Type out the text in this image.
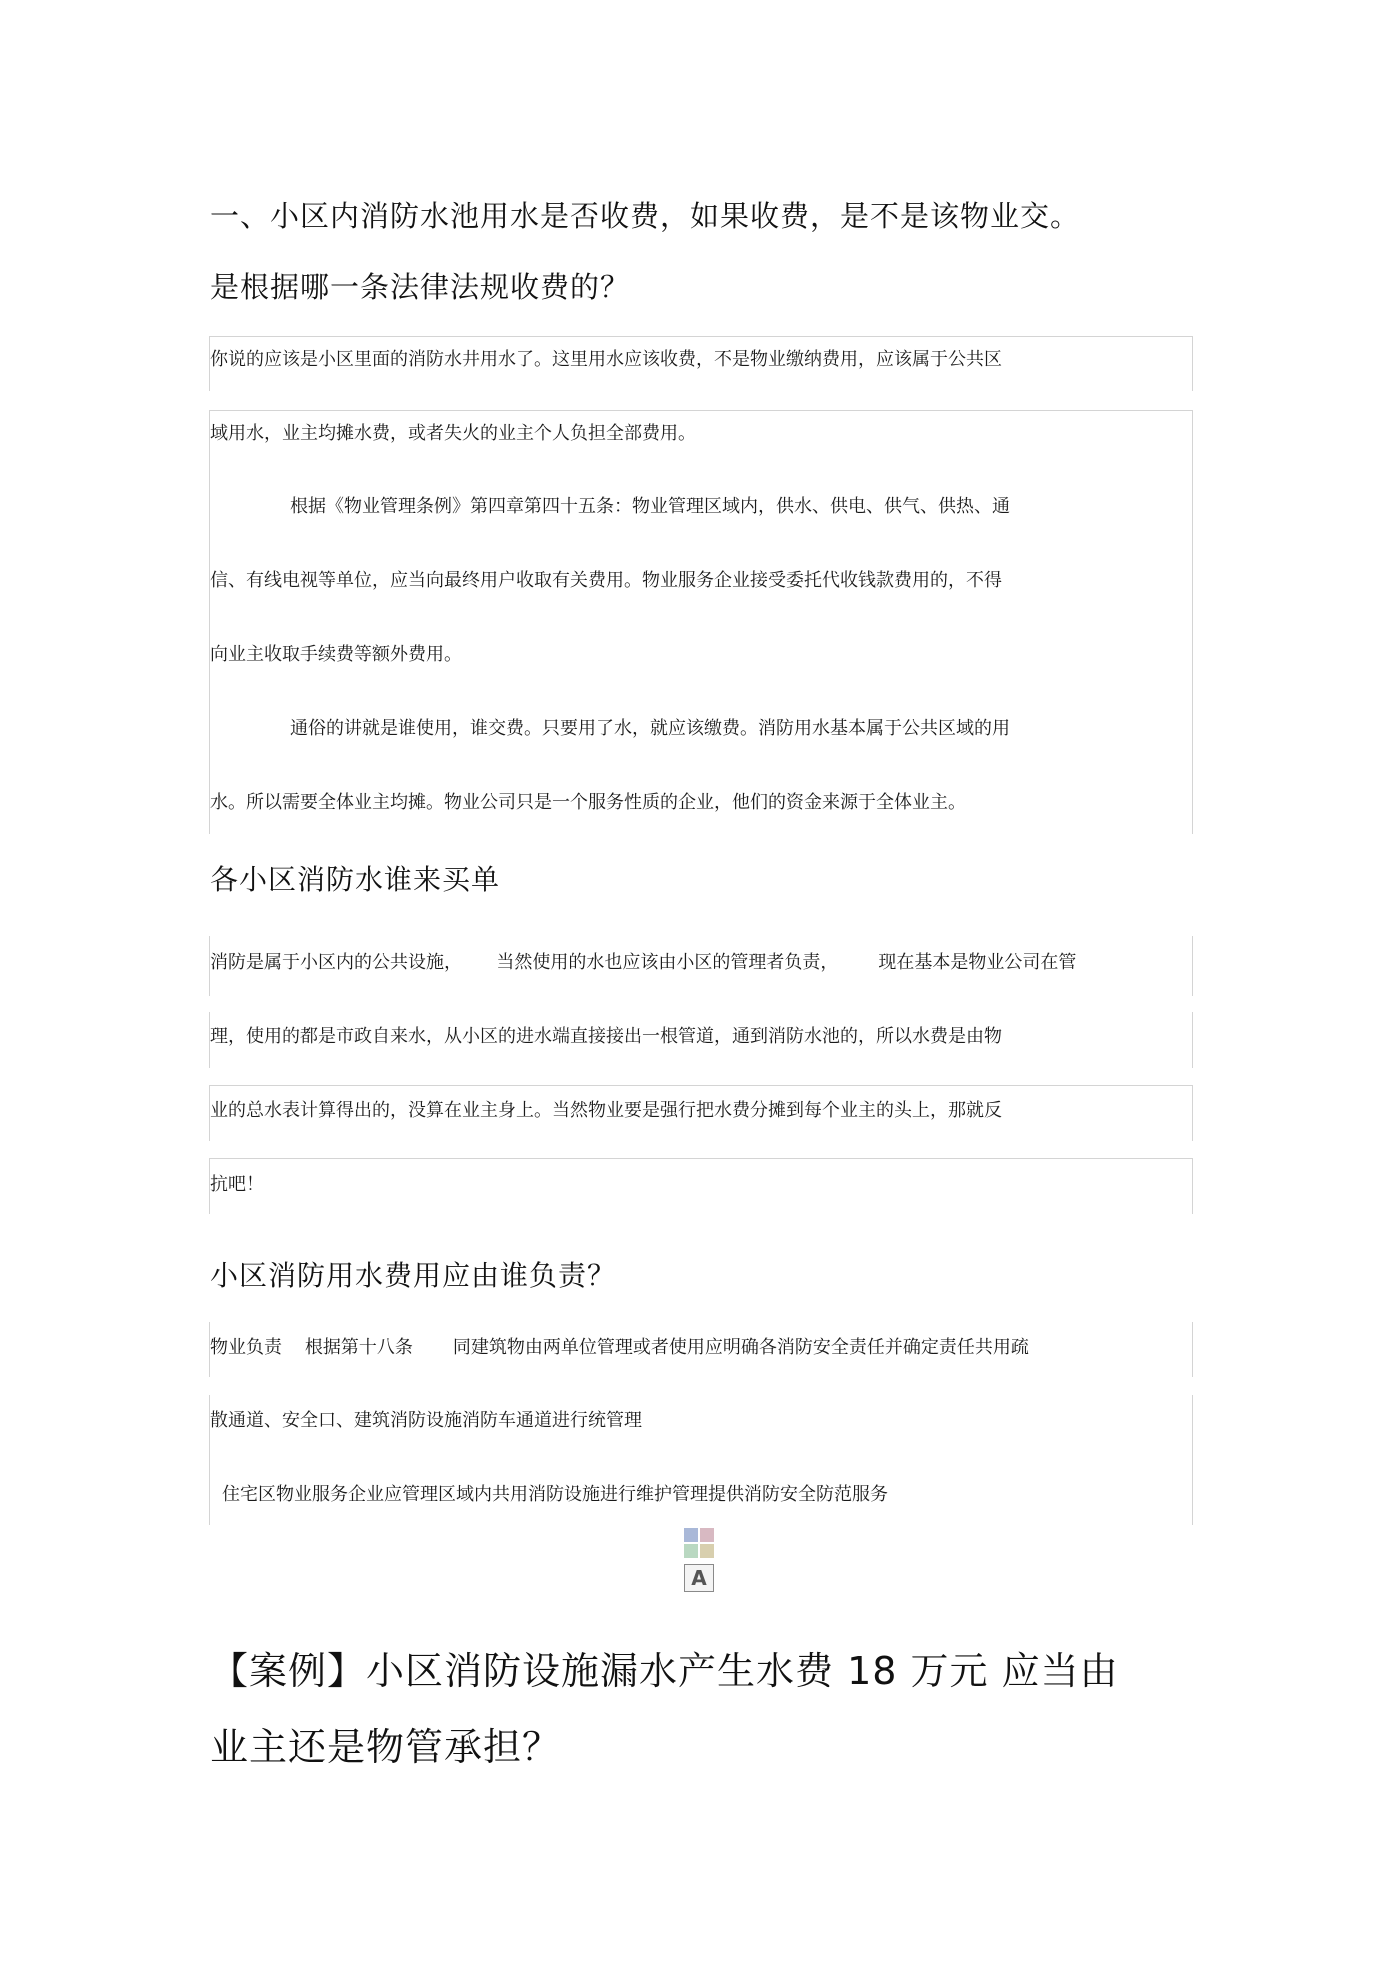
一、小区内消防水池用水是否收费，如果收费，是不是该物业交。
是根据哪一条法律法规收费的？
你说的应该是小区里面的消防水井用水了。这里用水应该收费，不是物业缴纳费用，应该属于公共区
域用水，业主均摊水费，或者失火的业主个人负担全部费用。
根据《物业管理条例》第四章第四十五条：物业管理区域内，供水、供电、供气、供热、通
信、有线电视等单位，应当向最终用户收取有关费用。物业服务企业接受委托代收钱款费用的，不得
向业主收取手续费等额外费用。
通俗的讲就是谁使用，谁交费。只要用了水，就应该缴费。消防用水基本属于公共区域的用
水。所以需要全体业主均摊。物业公司只是一个服务性质的企业，他们的资金来源于全体业主。
各小区消防水谁来买单
消防是属于小区内的公共设施，      当然使用的水也应该由小区的管理者负责，       现在基本是物业公司在管
理，使用的都是市政自来水，从小区的进水端直接接出一根管道，通到消防水池的，所以水费是由物
业的总水表计算得出的，没算在业主身上。当然物业要是强行把水费分摊到每个业主的头上，那就反
抗吧！
小区消防用水费用应由谁负责？
物业负责    根据第十八条       同建筑物由两单位管理或者使用应明确各消防安全责任并确定责任共用疏
散通道、安全口、建筑消防设施消防车通道进行统管理
住宅区物业服务企业应管理区域内共用消防设施进行维护管理提供消防安全防范服务
A
【案例】小区消防设施漏水产生水费 18 万元 应当由
业主还是物管承担？
